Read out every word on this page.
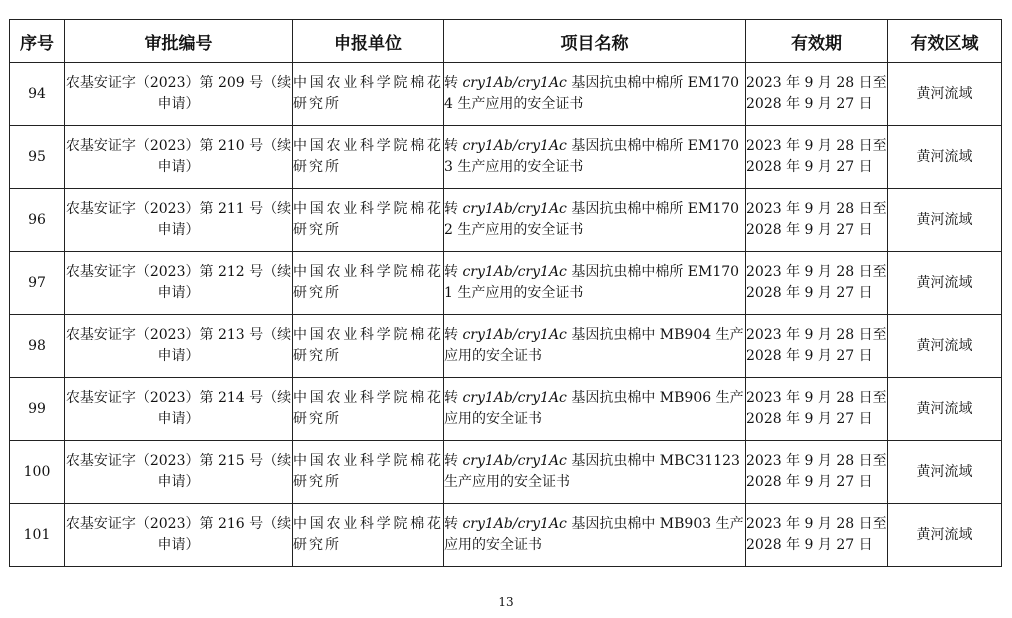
序号	审批编号	申报单位	项目名称	有效期	有效区域
94	农基安证字（2023）第 209 号（续申请）	中国农业科学院棉花研究所	转 cry1Ab/cry1Ac 基因抗虫棉中棉所 EM1704 生产应用的安全证书	2023 年 9 月 28 日至 2028 年 9 月 27 日	黄河流域
95	农基安证字（2023）第 210 号（续申请）	中国农业科学院棉花研究所	转 cry1Ab/cry1Ac 基因抗虫棉中棉所 EM1703 生产应用的安全证书	2023 年 9 月 28 日至 2028 年 9 月 27 日	黄河流域
96	农基安证字（2023）第 211 号（续申请）	中国农业科学院棉花研究所	转 cry1Ab/cry1Ac 基因抗虫棉中棉所 EM1702 生产应用的安全证书	2023 年 9 月 28 日至 2028 年 9 月 27 日	黄河流域
97	农基安证字（2023）第 212 号（续申请）	中国农业科学院棉花研究所	转 cry1Ab/cry1Ac 基因抗虫棉中棉所 EM1701 生产应用的安全证书	2023 年 9 月 28 日至 2028 年 9 月 27 日	黄河流域
98	农基安证字（2023）第 213 号（续申请）	中国农业科学院棉花研究所	转 cry1Ab/cry1Ac 基因抗虫棉中 MB904 生产应用的安全证书	2023 年 9 月 28 日至 2028 年 9 月 27 日	黄河流域
99	农基安证字（2023）第 214 号（续申请）	中国农业科学院棉花研究所	转 cry1Ab/cry1Ac 基因抗虫棉中 MB906 生产应用的安全证书	2023 年 9 月 28 日至 2028 年 9 月 27 日	黄河流域
100	农基安证字（2023）第 215 号（续申请）	中国农业科学院棉花研究所	转 cry1Ab/cry1Ac 基因抗虫棉中 MBC31123 生产应用的安全证书	2023 年 9 月 28 日至 2028 年 9 月 27 日	黄河流域
101	农基安证字（2023）第 216 号（续申请）	中国农业科学院棉花研究所	转 cry1Ab/cry1Ac 基因抗虫棉中 MB903 生产应用的安全证书	2023 年 9 月 28 日至 2028 年 9 月 27 日	黄河流域
13
